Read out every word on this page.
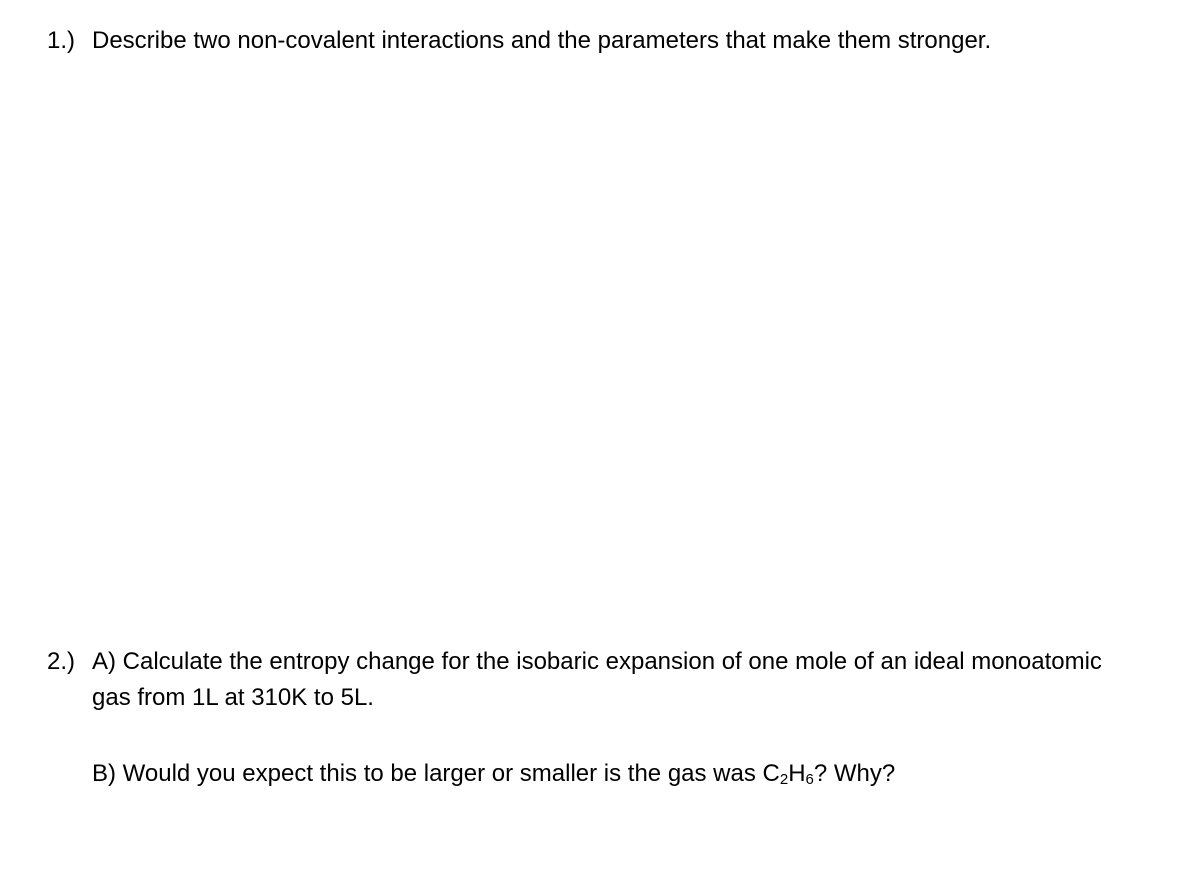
1.) Describe two non-covalent interactions and the parameters that make them stronger.
2.) A) Calculate the entropy change for the isobaric expansion of one mole of an ideal monoatomic
gas from 1L at 310K to 5L.
B) Would you expect this to be larger or smaller is the gas was $C_2H_6$? Why?
